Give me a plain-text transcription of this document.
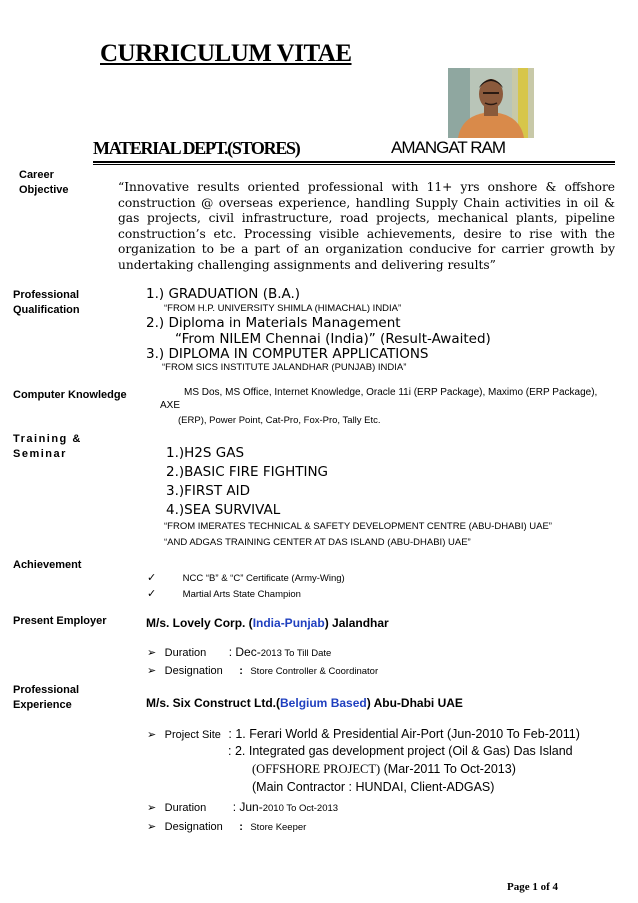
CURRICULUM VITAE
MATERIAL DEPT.(STORES)	AMANGAT RAM
Career
Objective	“Innovative results oriented professional with 11+ yrs onshore & offshore construction @ overseas experience, handling Supply Chain activities in oil & gas projects, civil infrastructure, road projects, mechanical plants, pipeline construction’s etc. Processing visible achievements, desire to rise with the organization to be a part of an organization conducive for carrier growth by undertaking challenging assignments and delivering results”
Professional
Qualification
1.) GRADUATION (B.A.)
“FROM H.P. UNIVERSITY SHIMLA (HIMACHAL) INDIA”
2.) Diploma in Materials Management
“From NILEM Chennai (India)” (Result-Awaited)
3.) DIPLOMA IN COMPUTER APPLICATIONS
“FROM SICS INSTITUTE JALANDHAR (PUNJAB) INDIA”
Computer Knowledge	MS Dos, MS Office, Internet Knowledge, Oracle 11i (ERP Package), Maximo (ERP Package),
AXE
(ERP), Power Point, Cat-Pro, Fox-Pro, Tally Etc.
Training &
Seminar	1.)H2S GAS
2.)BASIC FIRE FIGHTING
3.)FIRST AID
4.)SEA SURVIVAL
“FROM IMERATES TECHNICAL & SAFETY DEVELOPMENT CENTRE (ABU-DHABI) UAE”
“AND ADGAS TRAINING CENTER AT DAS ISLAND (ABU-DHABI) UAE”
Achievement
✓	NCC “B” & “C” Certificate (Army-Wing)
✓	Martial Arts State Champion
Present Employer	M/s. Lovely Corp. (India-Punjab) Jalandhar
➢ Duration : Dec-2013 To Till Date
➢ Designation : Store Controller & Coordinator
Professional
Experience	M/s. Six Construct Ltd.(Belgium Based) Abu-Dhabi UAE
➢ Project Site : 1. Ferari World & Presidential Air-Port (Jun-2010 To Feb-2011)
: 2. Integrated gas development project (Oil & Gas) Das Island
(OFFSHORE PROJECT) (Mar-2011 To Oct-2013)
(Main Contractor : HUNDAI, Client-ADGAS)
➢ Duration : Jun-2010 To Oct-2013
➢ Designation : Store Keeper
Page 1 of 4
